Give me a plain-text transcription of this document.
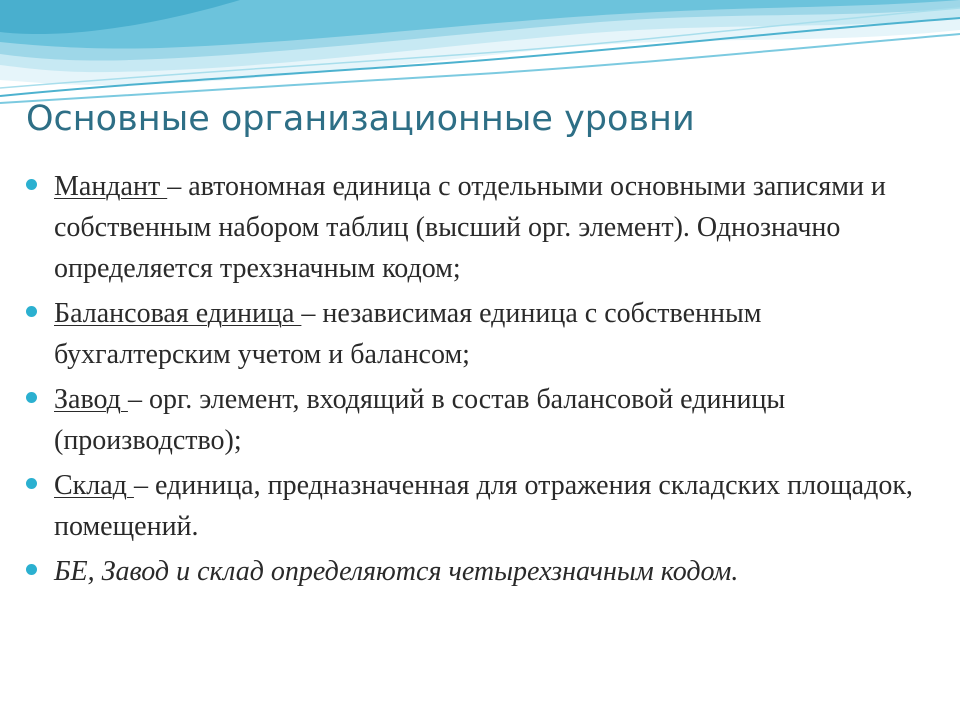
Основные организационные уровни
Мандант – автономная единица с отдельными основными записями и собственным набором таблиц (высший орг. элемент). Однозначно определяется трехзначным кодом;
Балансовая единица – независимая единица с собственным бухгалтерским учетом и балансом;
Завод – орг. элемент, входящий в состав балансовой единицы (производство);
Склад – единица, предназначенная для отражения складских площадок, помещений.
БЕ, Завод и склад определяются четырехзначным кодом.
